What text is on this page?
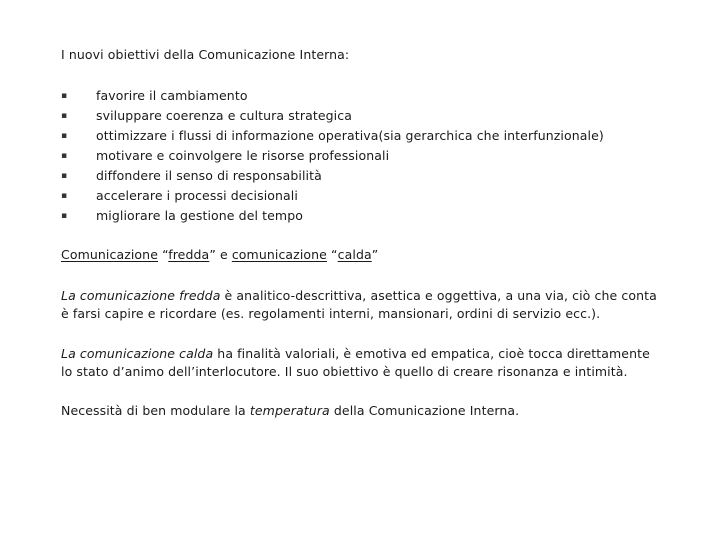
I nuovi obiettivi della Comunicazione Interna:
▪	favorire il cambiamento
▪	sviluppare coerenza e cultura strategica
▪	ottimizzare i flussi di informazione operativa(sia gerarchica che interfunzionale)
▪	motivare e coinvolgere le risorse professionali
▪	diffondere il senso di responsabilità
▪	accelerare i processi decisionali
▪	migliorare la gestione del tempo

Comunicazione “fredda” e comunicazione “calda”

La comunicazione fredda è analitico-descrittiva, asettica e oggettiva, a una via, ciò che conta è farsi capire e ricordare (es. regolamenti interni, mansionari, ordini di servizio ecc.).

La comunicazione calda ha finalità valoriali, è emotiva ed empatica, cioè tocca direttamente lo stato d’animo dell’interlocutore. Il suo obiettivo è quello di creare risonanza e intimità.

Necessità di ben modulare la temperatura della Comunicazione Interna.
